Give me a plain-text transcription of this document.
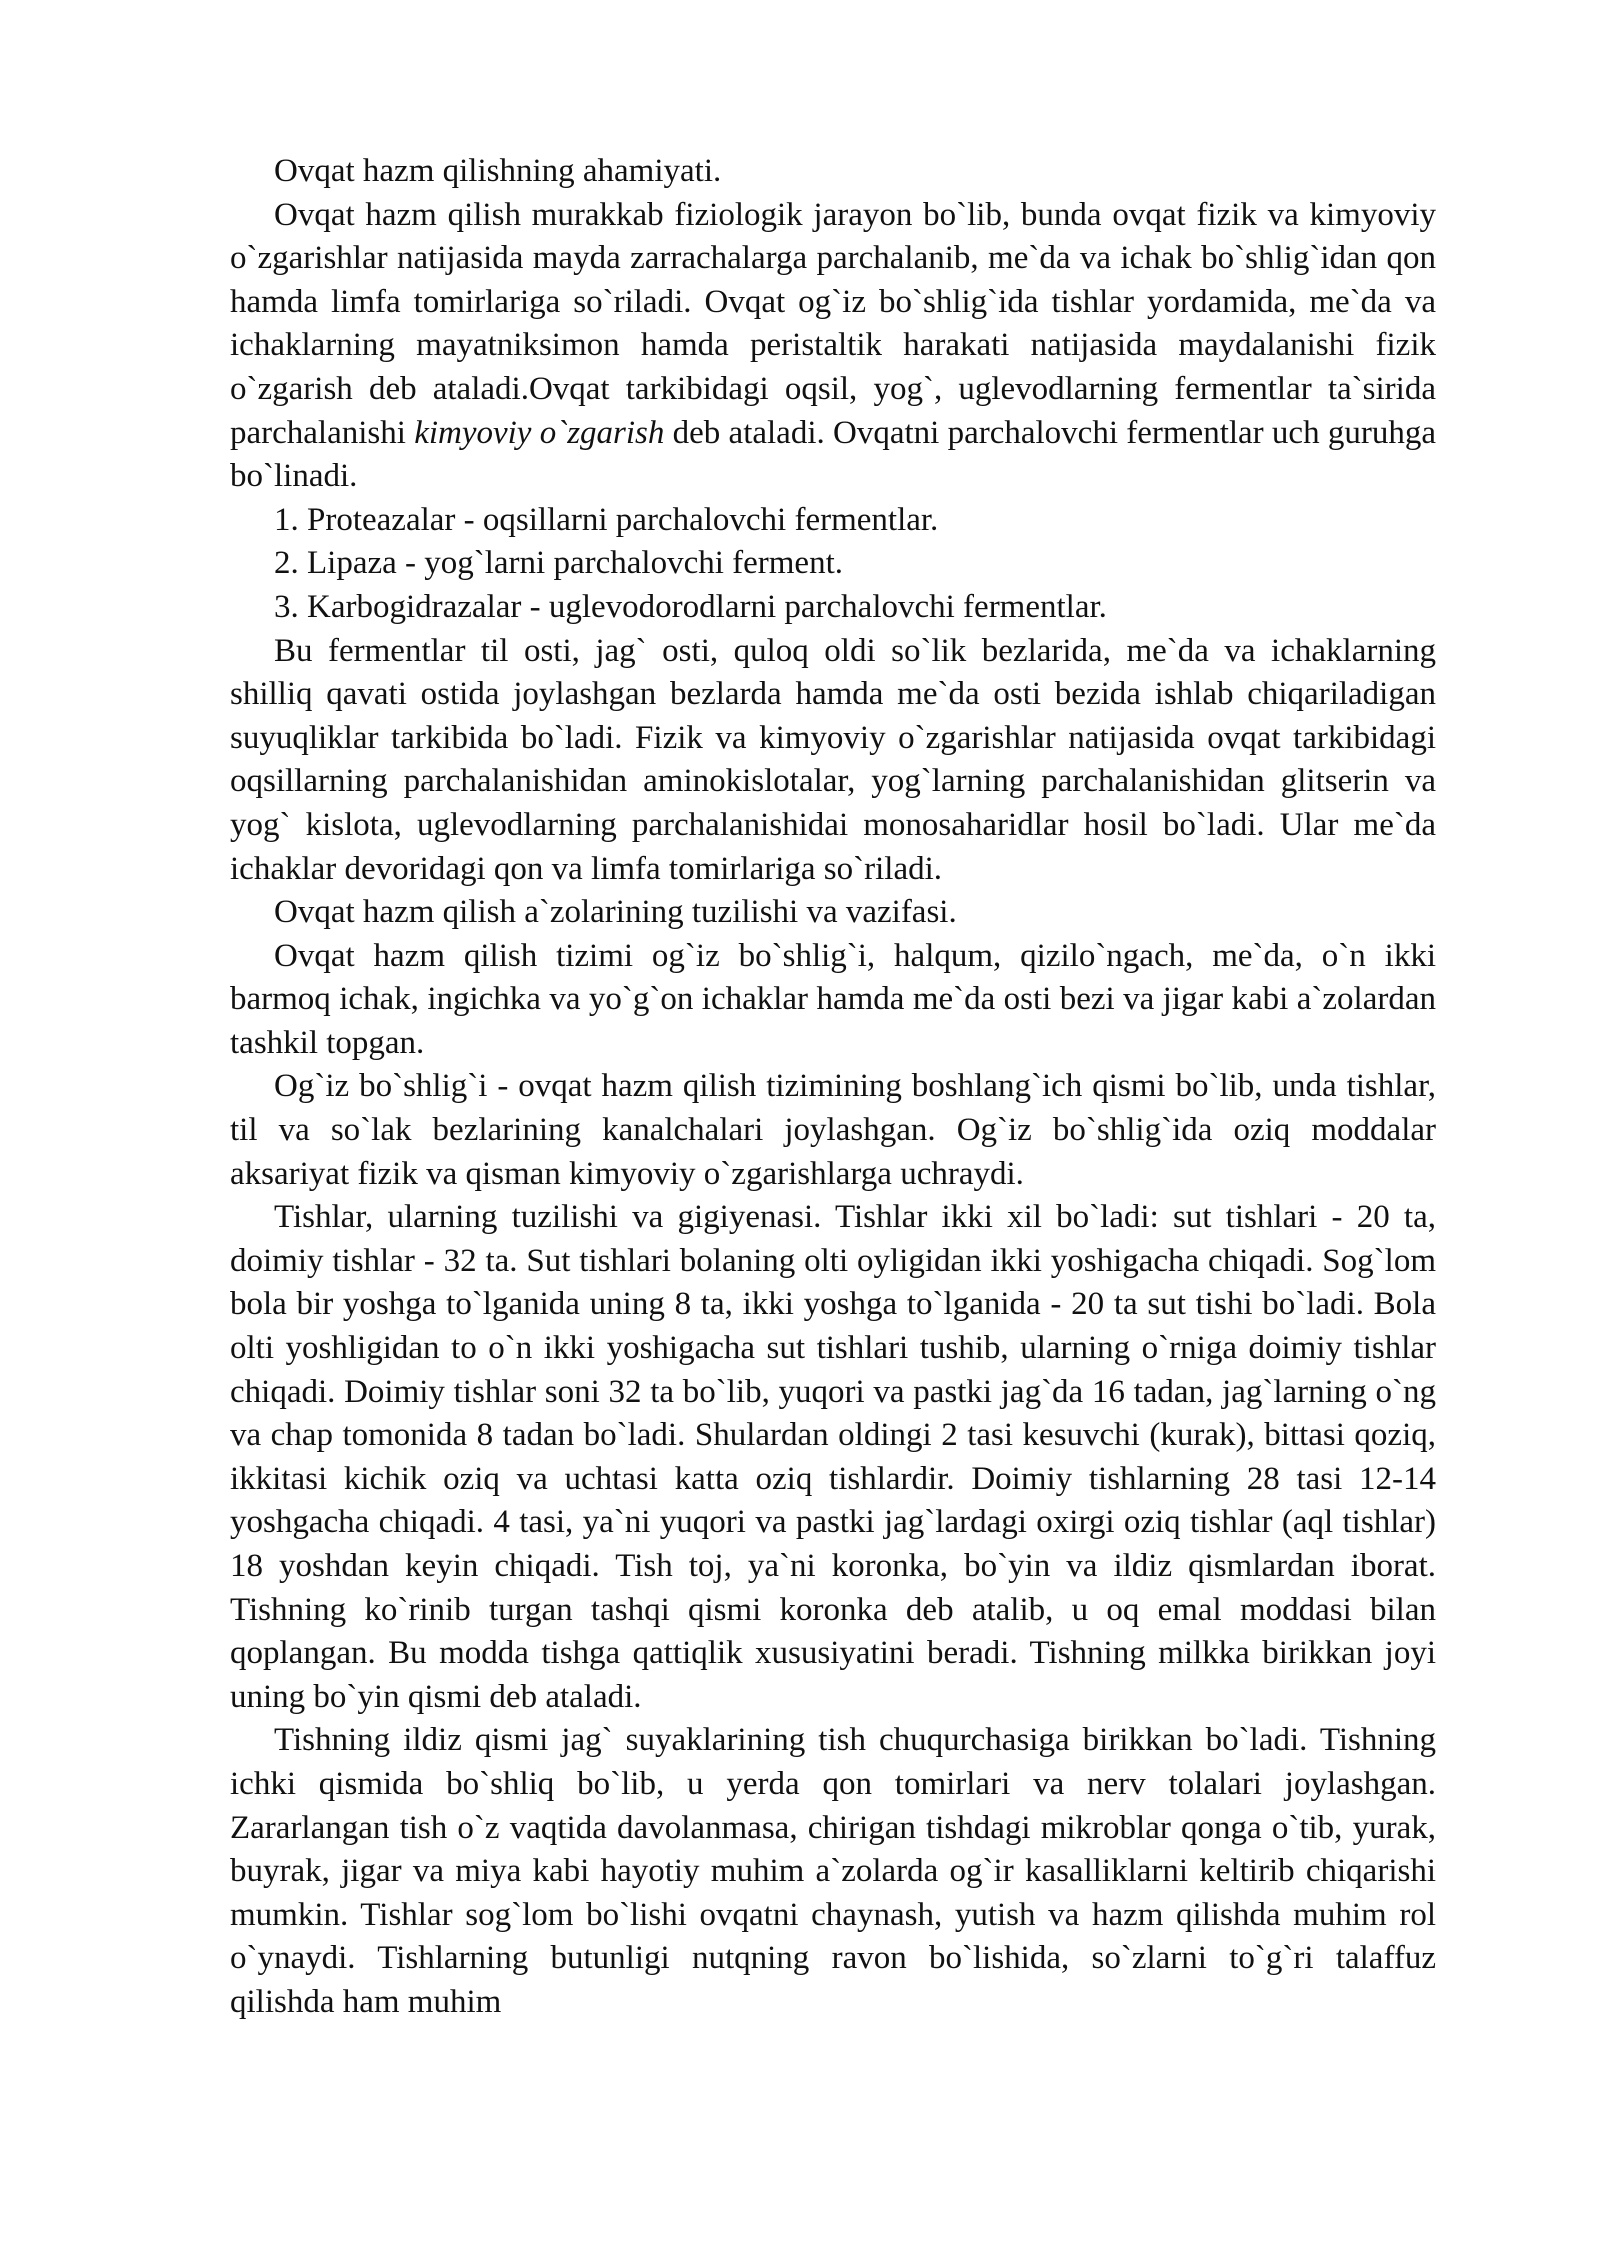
Ovqat hazm qilishning ahamiyati.

Ovqat hazm qilish murakkab fiziologik jarayon bo`lib, bunda ovqat fizik va kimyoviy o`zgarishlar natijasida mayda zarrachalarga parchalanib, me`da va ichak bo`shlig`idan qon hamda limfa tomirlariga so`riladi. Ovqat og`iz bo`shlig`ida tishlar yordamida, me`da va ichaklarning mayatniksimon hamda peristaltik harakati natijasida maydalanishi fizik o`zgarish deb ataladi.Ovqat tarkibidagi oqsil, yog`, uglevodlarning fermentlar ta`sirida parchalanishi kimyoviy o`zgarish deb ataladi. Ovqatni parchalovchi fermentlar uch guruhga bo`linadi.

1. Proteazalar - oqsillarni parchalovchi fermentlar.

2. Lipaza - yog`larni parchalovchi ferment.

3. Karbogidrazalar - uglevodorodlarni parchalovchi fermentlar.

Bu fermentlar til osti, jag` osti, quloq oldi so`lik bezlarida, me`da va ichaklarning shilliq qavati ostida joylashgan bezlarda hamda me`da osti bezida ishlab chiqariladigan suyuqliklar tarkibida bo`ladi. Fizik va kimyoviy o`zgarishlar natijasida ovqat tarkibidagi oqsillarning parchalanishidan aminokislotalar, yog`larning parchalanishidan glitserin va yog` kislota, uglevodlarning parchalanishidai monosaharidlar hosil bo`ladi. Ular me`da ichaklar devoridagi qon va limfa tomirlariga so`riladi.

Ovqat hazm qilish a`zolarining tuzilishi va vazifasi.

Ovqat hazm qilish tizimi og`iz bo`shlig`i, halqum, qizilo`ngach, me`da, o`n ikki barmoq ichak, ingichka va yo`g`on ichaklar hamda me`da osti bezi va jigar kabi a`zolardan tashkil topgan.

Og`iz bo`shlig`i - ovqat hazm qilish tizimining boshlang`ich qismi bo`lib, unda tishlar, til va so`lak bezlarining kanalchalari joylashgan. Og`iz bo`shlig`ida oziq moddalar aksariyat fizik va qisman kimyoviy o`zgarishlarga uchraydi.

Tishlar, ularning tuzilishi va gigiyenasi. Tishlar ikki xil bo`ladi: sut tishlari - 20 ta, doimiy tishlar - 32 ta. Sut tishlari bolaning olti oyligidan ikki yoshigacha chiqadi. Sog`lom bola bir yoshga to`lganida uning 8 ta, ikki yoshga to`lganida - 20 ta sut tishi bo`ladi. Bola olti yoshligidan to o`n ikki yoshigacha sut tishlari tushib, ularning o`rniga doimiy tishlar chiqadi. Doimiy tishlar soni 32 ta bo`lib, yuqori va pastki jag`da 16 tadan, jag`larning o`ng va chap tomonida 8 tadan bo`ladi. Shulardan oldingi 2 tasi kesuvchi (kurak), bittasi qoziq, ikkitasi kichik oziq va uchtasi katta oziq tishlardir. Doimiy tishlarning 28 tasi 12-14 yoshgacha chiqadi. 4 tasi, ya`ni yuqori va pastki jag`lardagi oxirgi oziq tishlar (aql tishlar) 18 yoshdan keyin chiqadi. Tish toj, ya`ni koronka, bo`yin va ildiz qismlardan iborat. Tishning ko`rinib turgan tashqi qismi koronka deb atalib, u oq emal moddasi bilan qoplangan. Bu modda tishga qattiqlik xususiyatini beradi. Tishning milkka birikkan joyi uning bo`yin qismi deb ataladi.

Tishning ildiz qismi jag` suyaklarining tish chuqurchasiga birikkan bo`ladi. Tishning ichki qismida bo`shliq bo`lib, u yerda qon tomirlari va nerv tolalari joylashgan. Zararlangan tish o`z vaqtida davolanmasa, chirigan tishdagi mikroblar qonga o`tib, yurak, buyrak, jigar va miya kabi hayotiy muhim a`zolarda og`ir kasalliklarni keltirib chiqarishi mumkin. Tishlar sog`lom bo`lishi ovqatni chaynash, yutish va hazm qilishda muhim rol o`ynaydi. Tishlarning butunligi nutqning ravon bo`lishida, so`zlarni to`g`ri talaffuz qilishda ham muhim
